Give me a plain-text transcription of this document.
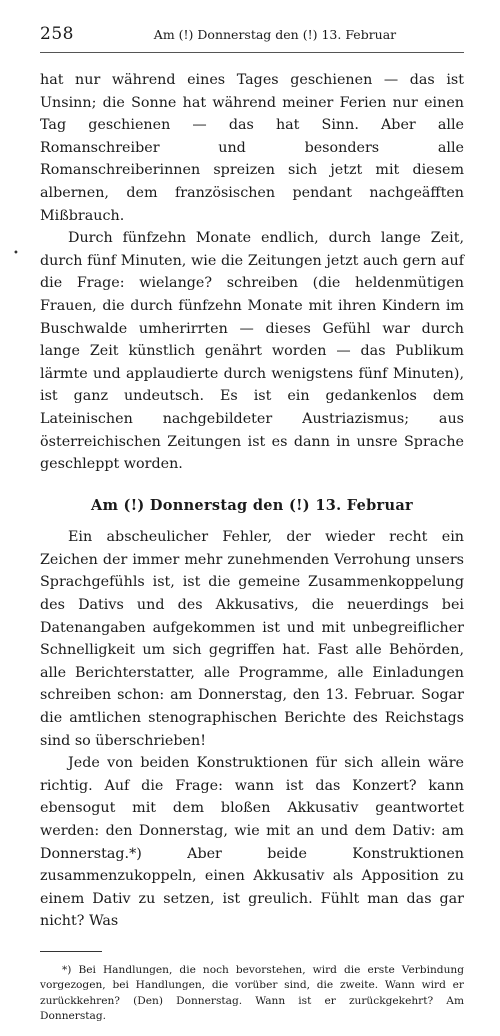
258	Am (!) Donnerstag den (!) 13. Februar
•

hat nur während eines Tages geschienen — das ist Unsinn; die Sonne hat während meiner Ferien nur einen Tag geschienen — das hat Sinn. Aber alle Romanschreiber und besonders alle Romanschreiberinnen spreizen sich jetzt mit diesem albernen, dem französischen pendant nachgeäfften Mißbrauch.

Durch fünfzehn Monate endlich, durch lange Zeit, durch fünf Minuten, wie die Zeitungen jetzt auch gern auf die Frage: wielange? schreiben (die heldenmütigen Frauen, die durch fünfzehn Monate mit ihren Kindern im Buschwalde umherirrten — dieses Gefühl war durch lange Zeit künstlich genährt worden — das Publikum lärmte und applaudierte durch wenigstens fünf Minuten), ist ganz undeutsch. Es ist ein gedankenlos dem Lateinischen nachgebildeter Austriazismus; aus österreichischen Zeitungen ist es dann in unsre Sprache geschleppt worden.

Am (!) Donnerstag den (!) 13. Februar

Ein abscheulicher Fehler, der wieder recht ein Zeichen der immer mehr zunehmenden Verrohung unsers Sprachgefühls ist, ist die gemeine Zusammenkoppelung des Dativs und des Akkusativs, die neuerdings bei Datenangaben aufgekommen ist und mit unbegreiflicher Schnelligkeit um sich gegriffen hat. Fast alle Behörden, alle Berichterstatter, alle Programme, alle Einladungen schreiben schon: am Donnerstag, den 13. Februar. Sogar die amtlichen stenographischen Berichte des Reichstags sind so überschrieben!

Jede von beiden Konstruktionen für sich allein wäre richtig. Auf die Frage: wann ist das Konzert? kann ebensogut mit dem bloßen Akkusativ geantwortet werden: den Donnerstag, wie mit an und dem Dativ: am Donnerstag.*) Aber beide Konstruktionen zusammenzukoppeln, einen Akkusativ als Apposition zu einem Dativ zu setzen, ist greulich. Fühlt man das gar nicht? Was

*) Bei Handlungen, die noch bevorstehen, wird die erste Verbindung vorgezogen, bei Handlungen, die vorüber sind, die zweite. Wann wird er zurückkehren? (Den) Donnerstag. Wann ist er zurückgekehrt? Am Donnerstag.
